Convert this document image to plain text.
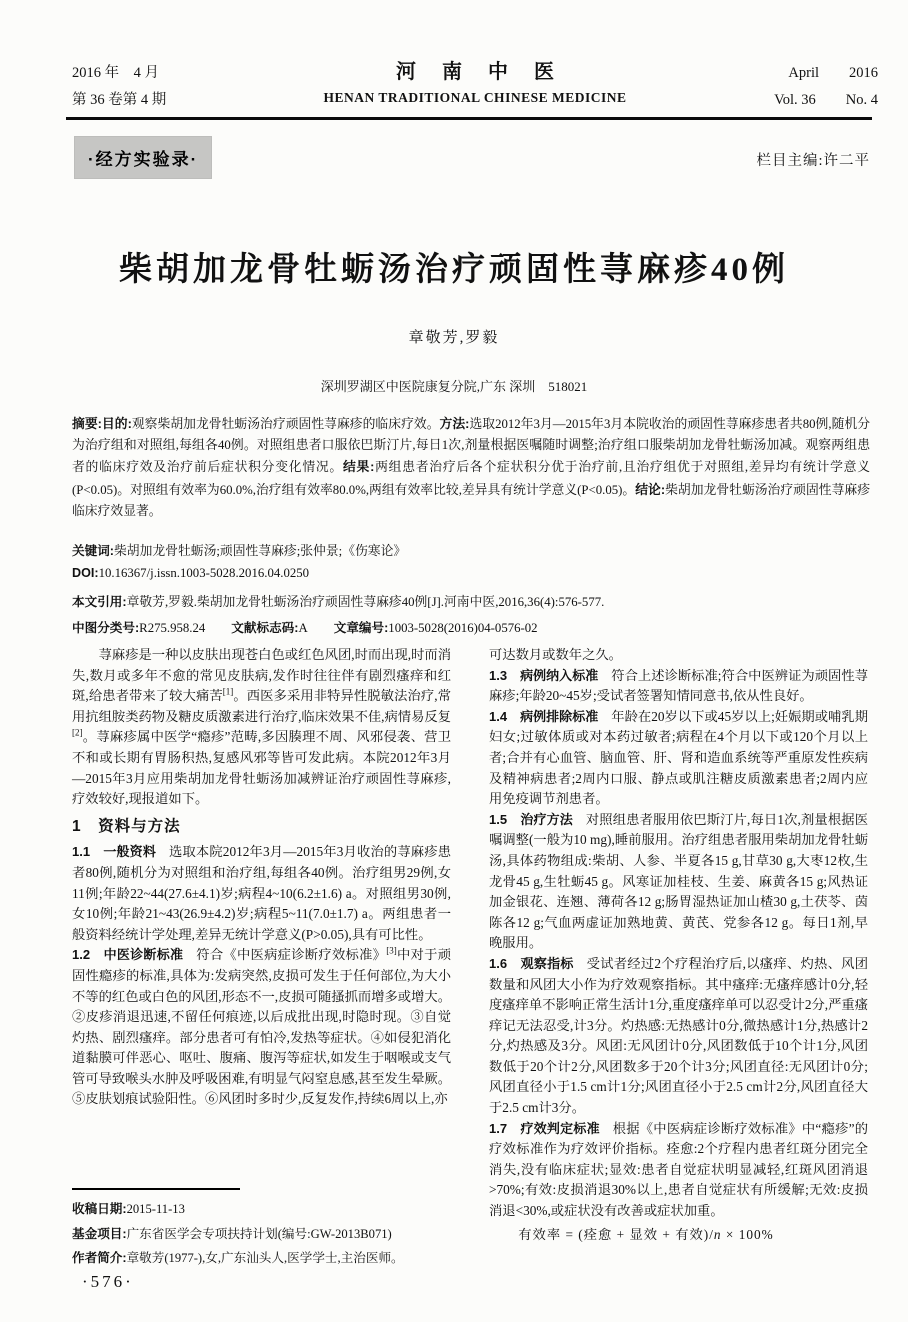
2016 年　4 月
第 36 卷第 4 期
河南中医
HENAN TRADITIONAL CHINESE MEDICINE
April 2016
Vol. 36 No. 4
·经方实验录·	栏目主编:许二平
柴胡加龙骨牡蛎汤治疗顽固性荨麻疹40例
章敬芳,罗毅
深圳罗湖区中医院康复分院,广东 深圳　518021

摘要:目的:观察柴胡加龙骨牡蛎汤治疗顽固性荨麻疹的临床疗效。方法:选取2012年3月—2015年3月本院收治的顽固性荨麻疹患者共80例,随机分为治疗组和对照组,每组各40例。对照组患者口服依巴斯汀片,每日1次,剂量根据医嘱随时调整;治疗组口服柴胡加龙骨牡蛎汤加减。观察两组患者的临床疗效及治疗前后症状积分变化情况。结果:两组患者治疗后各个症状积分优于治疗前,且治疗组优于对照组,差异均有统计学意义(P<0.05)。对照组有效率为60.0%,治疗组有效率80.0%,两组有效率比较,差异具有统计学意义(P<0.05)。结论:柴胡加龙骨牡蛎汤治疗顽固性荨麻疹临床疗效显著。

关键词:柴胡加龙骨牡蛎汤;顽固性荨麻疹;张仲景;《伤寒论》

DOI:10.16367/j.issn.1003-5028.2016.04.0250

本文引用:章敬芳,罗毅.柴胡加龙骨牡蛎汤治疗顽固性荨麻疹40例[J].河南中医,2016,36(4):576-577.

中图分类号:R275.958.24 文献标志码:A 文章编号:1003-5028(2016)04-0576-02

荨麻疹是一种以皮肤出现苍白色或红色风团,时而出现,时而消失,数月或多年不愈的常见皮肤病,发作时往往伴有剧烈瘙痒和红斑,给患者带来了较大痛苦[1]。西医多采用非特异性脱敏法治疗,常用抗组胺类药物及糖皮质激素进行治疗,临床效果不佳,病情易反复[2]。荨麻疹属中医学“瘾疹”范畴,多因腠理不周、风邪侵袭、营卫不和或长期有胃肠积热,复感风邪等皆可发此病。本院2012年3月—2015年3月应用柴胡加龙骨牡蛎汤加减辨证治疗顽固性荨麻疹,疗效较好,现报道如下。

1　资料与方法

1.1　一般资料 选取本院2012年3月—2015年3月收治的荨麻疹患者80例,随机分为对照组和治疗组,每组各40例。治疗组男29例,女11例;年龄22~44(27.6±4.1)岁;病程4~10(6.2±1.6) a。对照组男30例,女10例;年龄21~43(26.9±4.2)岁;病程5~11(7.0±1.7) a。两组患者一般资料经统计学处理,差异无统计学意义(P>0.05),具有可比性。

1.2　中医诊断标准 符合《中医病症诊断疗效标准》[3]中对于顽固性瘾疹的标准,具体为:发病突然,皮损可发生于任何部位,为大小不等的红色或白色的风团,形态不一,皮损可随搔抓而增多或增大。②皮疹消退迅速,不留任何痕迹,以后成批出现,时隐时现。③自觉灼热、剧烈瘙痒。部分患者可有怕冷,发热等症状。④如侵犯消化道黏膜可伴恶心、呕吐、腹痛、腹泻等症状,如发生于咽喉或支气管可导致喉头水肿及呼吸困难,有明显气闷窒息感,甚至发生晕厥。⑤皮肤划痕试验阳性。⑥风团时多时少,反复发作,持续6周以上,亦

可达数月或数年之久。

1.3　病例纳入标准 符合上述诊断标准;符合中医辨证为顽固性荨麻疹;年龄20~45岁;受试者签署知情同意书,依从性良好。

1.4　病例排除标准 年龄在20岁以下或45岁以上;妊娠期或哺乳期妇女;过敏体质或对本药过敏者;病程在4个月以下或120个月以上者;合并有心血管、脑血管、肝、肾和造血系统等严重原发性疾病及精神病患者;2周内口服、静点或肌注糖皮质激素患者;2周内应用免疫调节剂患者。

1.5　治疗方法 对照组患者服用依巴斯汀片,每日1次,剂量根据医嘱调整(一般为10 mg),睡前服用。治疗组患者服用柴胡加龙骨牡蛎汤,具体药物组成:柴胡、人参、半夏各15 g,甘草30 g,大枣12枚,生龙骨45 g,生牡蛎45 g。风寒证加桂枝、生姜、麻黄各15 g;风热证加金银花、连翘、薄荷各12 g;肠胃湿热证加山楂30 g,土茯苓、茵陈各12 g;气血两虚证加熟地黄、黄芪、党参各12 g。每日1剂,早晚服用。

1.6　观察指标 受试者经过2个疗程治疗后,以瘙痒、灼热、风团数量和风团大小作为疗效观察指标。其中瘙痒:无瘙痒感计0分,轻度瘙痒单不影响正常生活计1分,重度瘙痒单可以忍受计2分,严重瘙痒记无法忍受,计3分。灼热感:无热感计0分,微热感计1分,热感计2分,灼热感及3分。风团:无风团计0分,风团数低于10个计1分,风团数低于20个计2分,风团数多于20个计3分;风团直径:无风团计0分;风团直径小于1.5 cm计1分;风团直径小于2.5 cm计2分,风团直径大于2.5 cm计3分。

1.7　疗效判定标准 根据《中医病症诊断疗效标准》中“瘾疹”的疗效标准作为疗效评价指标。痊愈:2个疗程内患者红斑分团完全消失,没有临床症状;显效:患者自觉症状明显减轻,红斑风团消退>70%;有效:皮损消退30%以上,患者自觉症状有所缓解;无效:皮损消退<30%,或症状没有改善或症状加重。

有效率 = (痊愈 + 显效 + 有效)/n × 100%

收稿日期:2015-11-13
基金项目:广东省医学会专项扶持计划(编号:GW-2013B071)
作者简介:章敬芳(1977-),女,广东汕头人,医学学士,主治医师。
·576·
